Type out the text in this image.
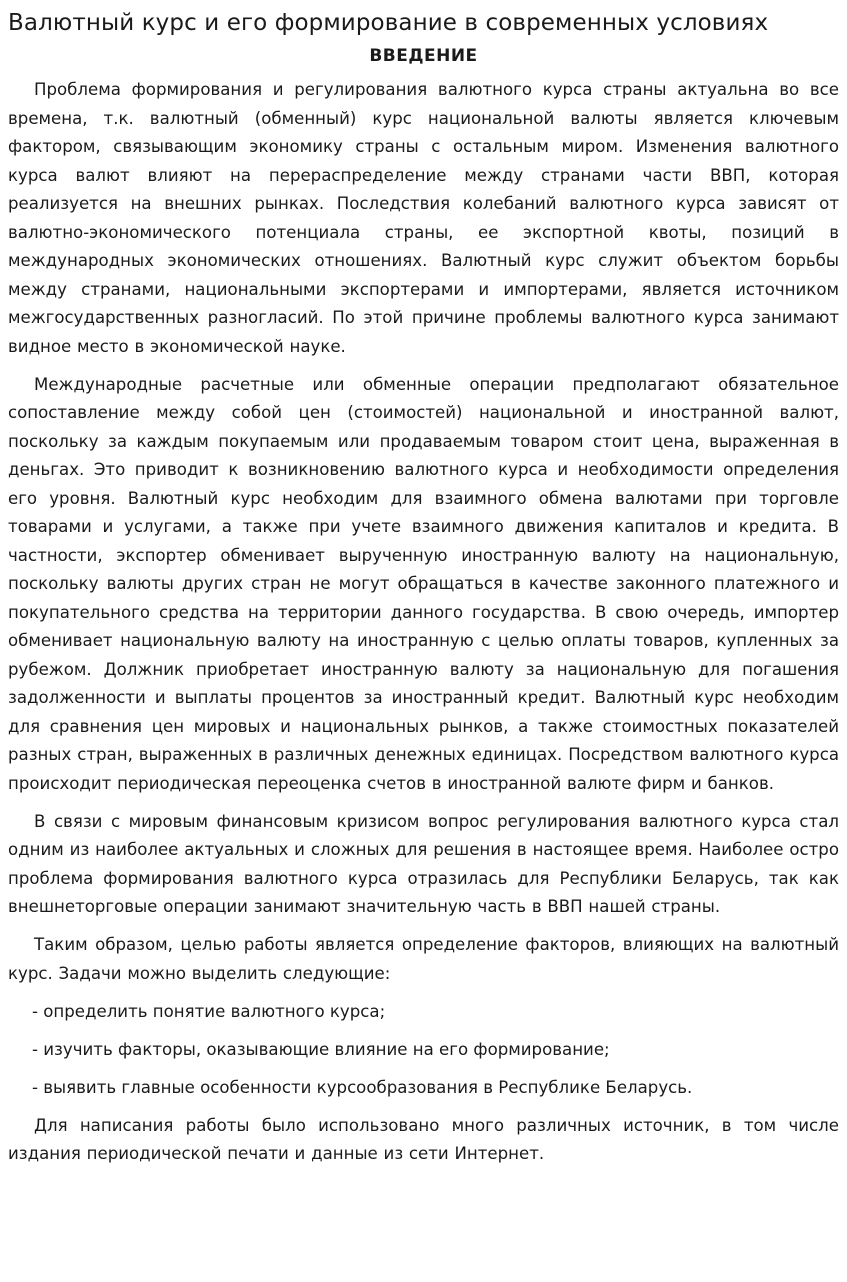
Валютный курс и его формирование в современных условиях
ВВЕДЕНИЕ

Проблема формирования и регулирования валютного курса страны актуальна во все времена, т.к. валютный (обменный) курс национальной валюты является ключевым фактором, связывающим экономику страны с остальным миром. Изменения валютного курса валют влияют на перераспределение между странами части ВВП, которая реализуется на внешних рынках. Последствия колебаний валютного курса зависят от валютно-экономического потенциала страны, ее экспортной квоты, позиций в международных экономических отношениях. Валютный курс служит объектом борьбы между странами, национальными экспортерами и импортерами, является источником межгосударственных разногласий. По этой причине проблемы валютного курса занимают видное место в экономической науке.

Международные расчетные или обменные операции предполагают обязательное сопоставление между собой цен (стоимостей) национальной и иностранной валют, поскольку за каждым покупаемым или продаваемым товаром стоит цена, выраженная в деньгах. Это приводит к возникновению валютного курса и необходимости определения его уровня. Валютный курс необходим для взаимного обмена валютами при торговле товарами и услугами, а также при учете взаимного движения капиталов и кредита. В частности, экспортер обменивает вырученную иностранную валюту на национальную, поскольку валюты других стран не могут обращаться в качестве законного платежного и покупательного средства на территории данного государства. В свою очередь, импортер обменивает национальную валюту на иностранную с целью оплаты товаров, купленных за рубежом. Должник приобретает иностранную валюту за национальную для погашения задолженности и выплаты процентов за иностранный кредит. Валютный курс необходим для сравнения цен мировых и национальных рынков, а также стоимостных показателей разных стран, выраженных в различных денежных единицах. Посредством валютного курса происходит периодическая переоценка счетов в иностранной валюте фирм и банков.

В связи с мировым финансовым кризисом вопрос регулирования валютного курса стал одним из наиболее актуальных и сложных для решения в настоящее время. Наиболее остро проблема формирования валютного курса отразилась для Республики Беларусь, так как внешнеторговые операции занимают значительную часть в ВВП нашей страны.

Таким образом, целью работы является определение факторов, влияющих на валютный курс. Задачи можно выделить следующие:

- определить понятие валютного курса;
- изучить факторы, оказывающие влияние на его формирование;
- выявить главные особенности курсообразования в Республике Беларусь.

Для написания работы было использовано много различных источник, в том числе издания периодической печати и данные из сети Интернет.
